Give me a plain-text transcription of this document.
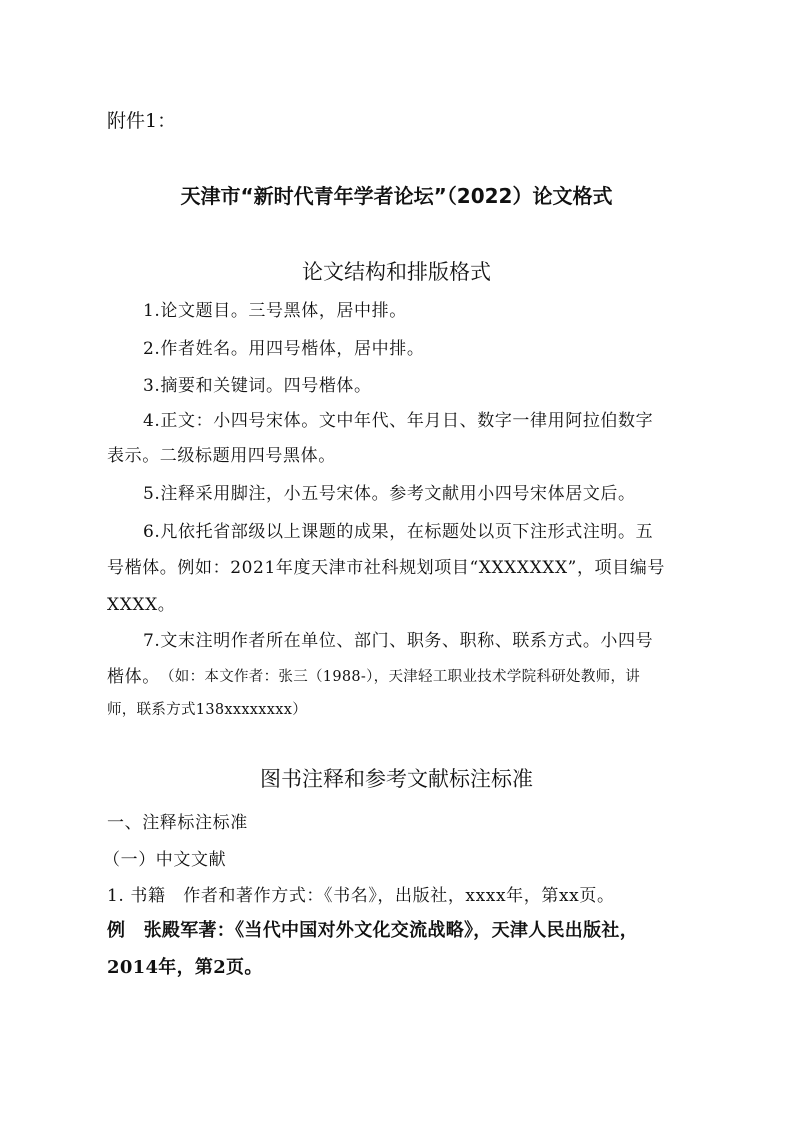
附件1：

天津市“新时代青年学者论坛”（2022）论文格式

论文结构和排版格式

1.论文题目。三号黑体，居中排。

2.作者姓名。用四号楷体，居中排。

3.摘要和关键词。四号楷体。

4.正文：小四号宋体。文中年代、年月日、数字一律用阿拉伯数字

表示。二级标题用四号黑体。

5.注释采用脚注，小五号宋体。参考文献用小四号宋体居文后。

6.凡依托省部级以上课题的成果，在标题处以页下注形式注明。五

号楷体。例如：2021年度天津市社科规划项目“XXXXXXX”，项目编号

XXXX。

7.文末注明作者所在单位、部门、职务、职称、联系方式。小四号

楷体。 （如：本文作者：张三（1988-），天津轻工职业技术学院科研处教师，讲

师，联系方式138xxxxxxxx）

图书注释和参考文献标注标准

一、注释标注标准

（一）中文文献

1. 书籍　作者和著作方式：《书名》，出版社，xxxx年，第xx页。

例　张殿军著：《当代中国对外文化交流战略》，天津人民出版社，

2014年，第2页。
